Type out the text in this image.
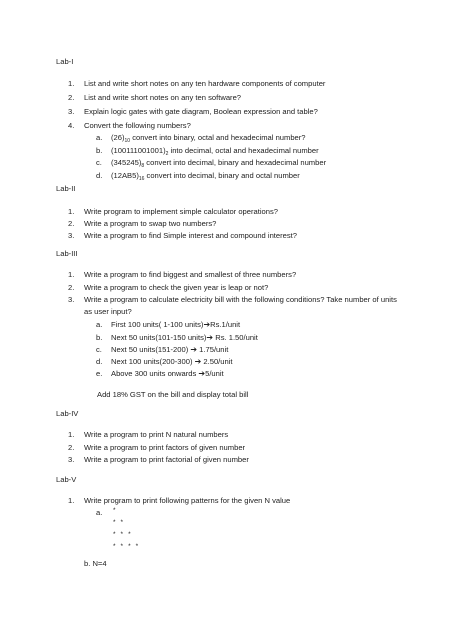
Lab-I
1. List and write short notes on any ten hardware components of computer
2. List and write short notes on any ten software?
3. Explain logic gates with gate diagram, Boolean expression and table?
4. Convert the following numbers?
a. (26)10 convert into binary, octal and hexadecimal number?
b. (100111001001)2 into decimal, octal and hexadecimal number
c. (345245)8 convert into decimal, binary and hexadecimal number
d. (12AB5)16 convert into decimal, binary and octal number
Lab-II
1. Write program to implement simple calculator operations?
2. Write a program to swap two numbers?
3. Write a program to find Simple interest and compound interest?
Lab-III
1. Write a program to find biggest and smallest of three numbers?
2. Write a program to check the given year is leap or not?
3. Write a program to calculate electricity bill with the following conditions? Take number of units
as user input?
a. First 100 units( 1-100 units)➔Rs.1/unit
b. Next 50 units(101-150 units)➔ Rs. 1.50/unit
c. Next 50 units(151-200) ➔ 1.75/unit
d. Next 100 units(200-300) ➔ 2.50/unit
e. Above 300 units onwards ➔5/unit
Add 18% GST on the bill and display total bill
Lab-IV
1. Write a program to print N natural numbers
2. Write a program to print factors of given number
3. Write a program to print factorial of given number
Lab-V
1. Write program to print following patterns for the given N value
a. *
* *
* * *
* * * *
b. N=4
